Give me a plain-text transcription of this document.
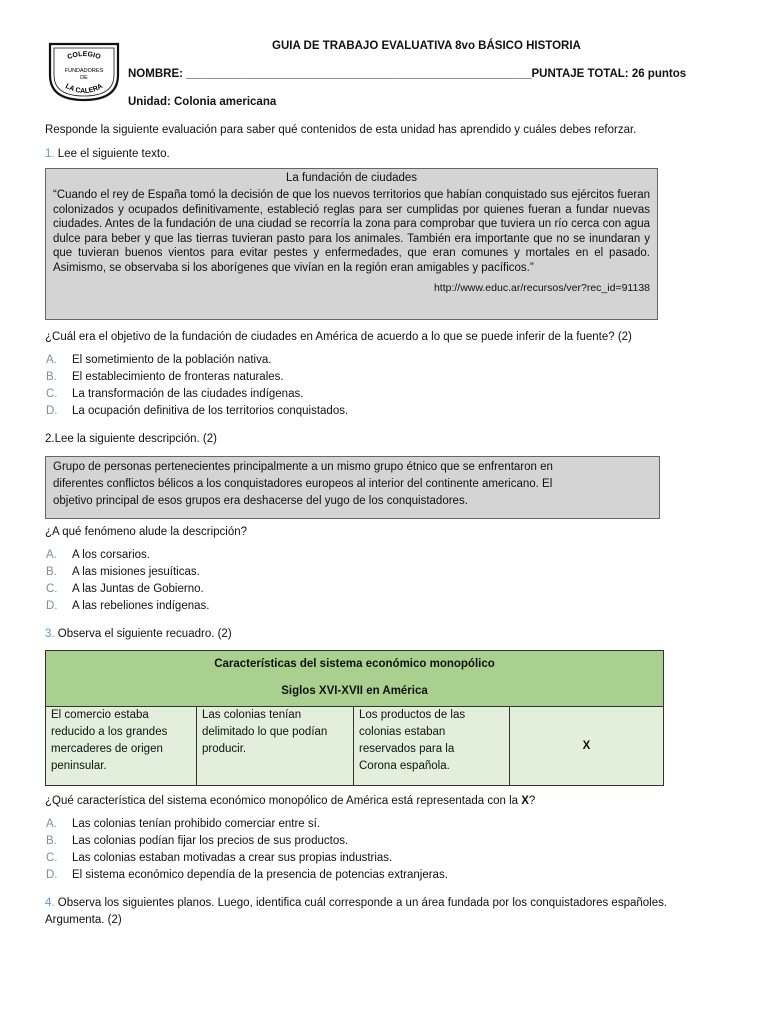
COLEGIO
FUNDADORES
DE
LA CALERA
GUIA DE TRABAJO EVALUATIVA 8vo BÁSICO HISTORIA
NOMBRE: ______________________________________________________PUNTAJE TOTAL: 26 puntos
Unidad: Colonia americana
Responde la siguiente evaluación para saber qué contenidos de esta unidad has aprendido y cuáles debes reforzar.
1. Lee el siguiente texto.
La fundación de ciudades
“Cuando el rey de España tomó la decisión de que los nuevos territorios que habían conquistado sus ejércitos fueran colonizados y ocupados definitivamente, estableció reglas para ser cumplidas por quienes fueran a fundar nuevas ciudades. Antes de la fundación de una ciudad se recorría la zona para comprobar que tuviera un río cerca con agua dulce para beber y que las tierras tuvieran pasto para los animales. También era importante que no se inundaran y que tuvieran buenos vientos para evitar pestes y enfermedades, que eran comunes y mortales en el pasado. Asimismo, se observaba si los aborígenes que vivían en la región eran amigables y pacíficos.”
http://www.educ.ar/recursos/ver?rec_id=91138
¿Cuál era el objetivo de la fundación de ciudades en América de acuerdo a lo que se puede inferir de la fuente? (2)
A. El sometimiento de la población nativa.
B. El establecimiento de fronteras naturales.
C. La transformación de las ciudades indígenas.
D. La ocupación definitiva de los territorios conquistados.
2.Lee la siguiente descripción. (2)
Grupo de personas pertenecientes principalmente a un mismo grupo étnico que se enfrentaron en
diferentes conflictos bélicos a los conquistadores europeos al interior del continente americano. El
objetivo principal de esos grupos era deshacerse del yugo de los conquistadores.
¿A qué fenómeno alude la descripción?
A. A los corsarios.
B. A las misiones jesuíticas.
C. A las Juntas de Gobierno.
D. A las rebeliones indígenas.
3. Observa el siguiente recuadro. (2)
Características del sistema económico monopólico
Siglos XVI-XVII en América

El comercio estaba
reducido a los grandes
mercaderes de origen
peninsular.

Las colonias tenían
delimitado lo que podían
producir.

Los productos de las
colonias estaban
reservados para la
Corona española.
	X
¿Qué característica del sistema económico monopólico de América está representada con la X?
A. Las colonias tenían prohibido comerciar entre sí.
B. Las colonias podían fijar los precios de sus productos.
C. Las colonias estaban motivadas a crear sus propias industrias.
D. El sistema económico dependía de la presencia de potencias extranjeras.
4. Observa los siguientes planos. Luego, identifica cuál corresponde a un área fundada por los conquistadores españoles.
Argumenta. (2)
